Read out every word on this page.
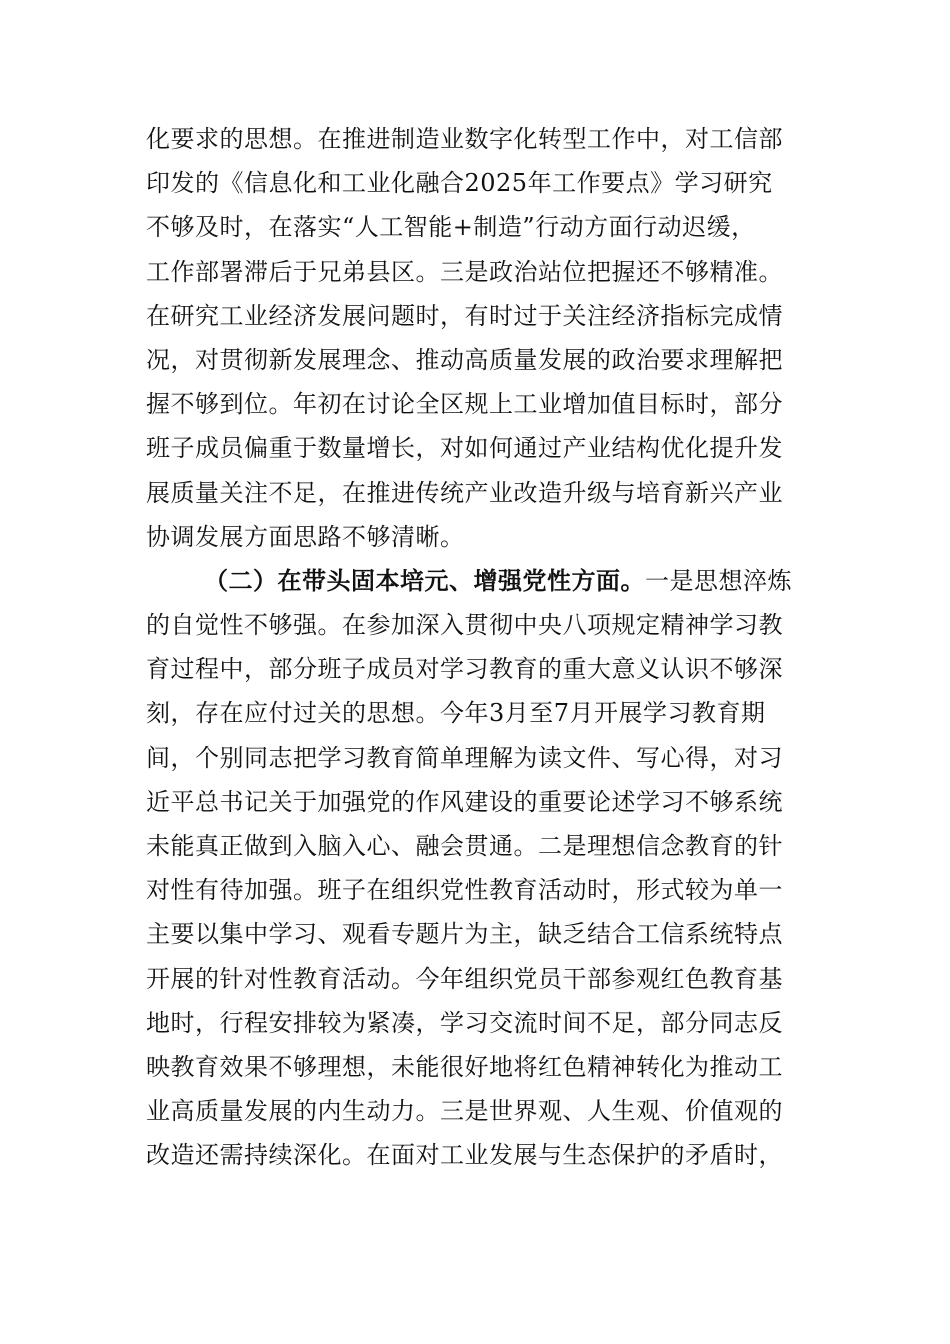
化要求的思想。在推进制造业数字化转型工作中，对工信部
印发的《信息化和工业化融合2025年工作要点》学习研究
不够及时，在落实“人工智能+制造”行动方面行动迟缓，
工作部署滞后于兄弟县区。三是政治站位把握还不够精准。
在研究工业经济发展问题时，有时过于关注经济指标完成情
况，对贯彻新发展理念、推动高质量发展的政治要求理解把
握不够到位。年初在讨论全区规上工业增加值目标时，部分
班子成员偏重于数量增长，对如何通过产业结构优化提升发
展质量关注不足，在推进传统产业改造升级与培育新兴产业
协调发展方面思路不够清晰。
（二）在带头固本培元、增强党性方面。一是思想淬炼
的自觉性不够强。在参加深入贯彻中央八项规定精神学习教
育过程中，部分班子成员对学习教育的重大意义认识不够深
刻，存在应付过关的思想。今年3月至7月开展学习教育期
间，个别同志把学习教育简单理解为读文件、写心得，对习
近平总书记关于加强党的作风建设的重要论述学习不够系统
未能真正做到入脑入心、融会贯通。二是理想信念教育的针
对性有待加强。班子在组织党性教育活动时，形式较为单一
主要以集中学习、观看专题片为主，缺乏结合工信系统特点
开展的针对性教育活动。今年组织党员干部参观红色教育基
地时，行程安排较为紧凑，学习交流时间不足，部分同志反
映教育效果不够理想，未能很好地将红色精神转化为推动工
业高质量发展的内生动力。三是世界观、人生观、价值观的
改造还需持续深化。在面对工业发展与生态保护的矛盾时，
